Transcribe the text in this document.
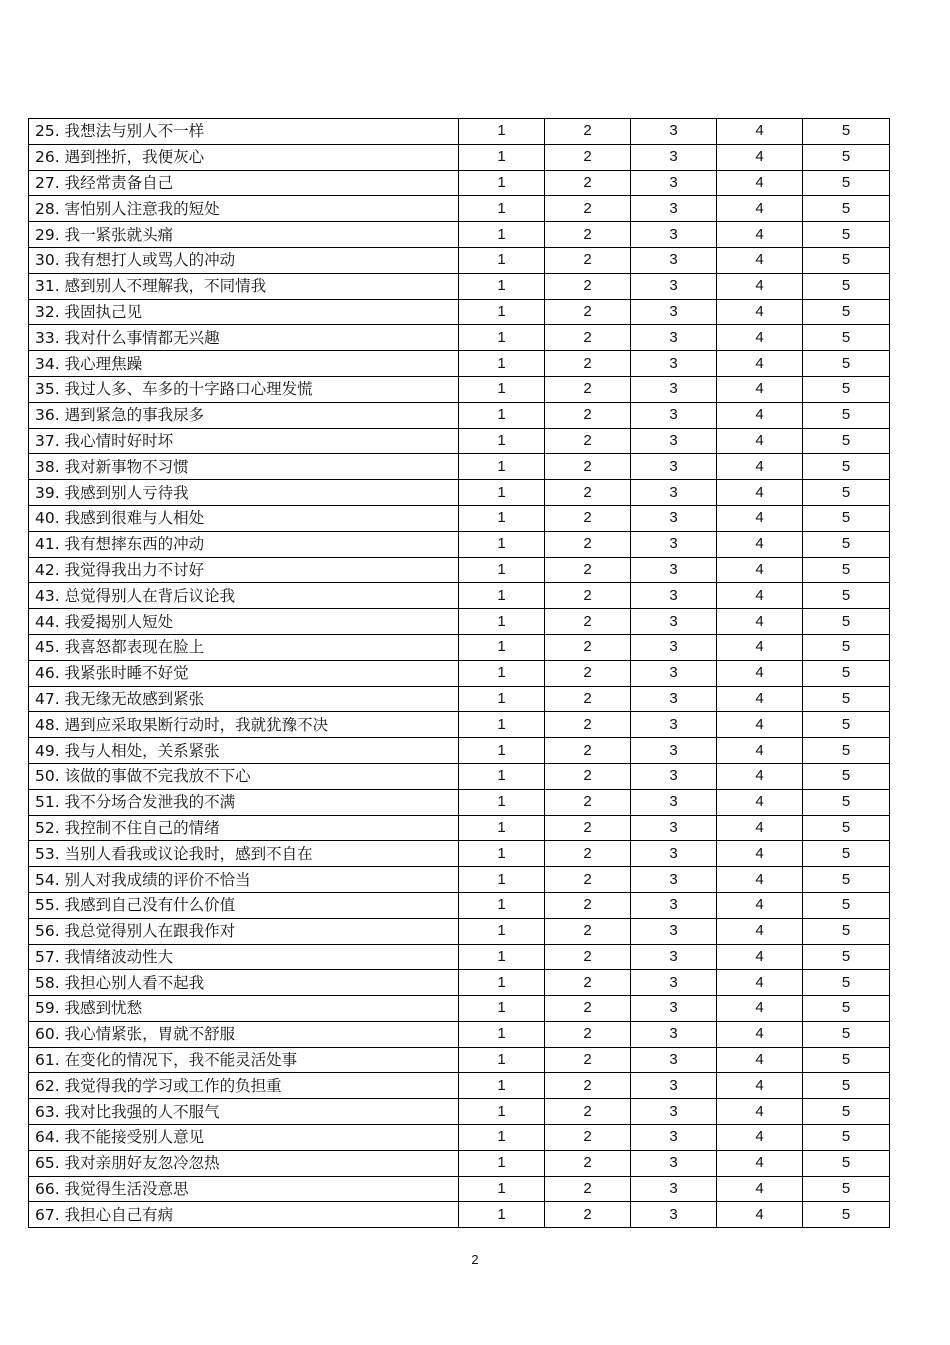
25. 我想法与别人不一样	1	2	3	4	5
26. 遇到挫折，我便灰心	1	2	3	4	5
27. 我经常责备自己	1	2	3	4	5
28. 害怕别人注意我的短处	1	2	3	4	5
29. 我一紧张就头痛	1	2	3	4	5
30. 我有想打人或骂人的冲动	1	2	3	4	5
31. 感到别人不理解我，不同情我	1	2	3	4	5
32. 我固执己见	1	2	3	4	5
33. 我对什么事情都无兴趣	1	2	3	4	5
34. 我心理焦躁	1	2	3	4	5
35. 我过人多、车多的十字路口心理发慌	1	2	3	4	5
36. 遇到紧急的事我尿多	1	2	3	4	5
37. 我心情时好时坏	1	2	3	4	5
38. 我对新事物不习惯	1	2	3	4	5
39. 我感到别人亏待我	1	2	3	4	5
40. 我感到很难与人相处	1	2	3	4	5
41. 我有想摔东西的冲动	1	2	3	4	5
42. 我觉得我出力不讨好	1	2	3	4	5
43. 总觉得别人在背后议论我	1	2	3	4	5
44. 我爱揭别人短处	1	2	3	4	5
45. 我喜怒都表现在脸上	1	2	3	4	5
46. 我紧张时睡不好觉	1	2	3	4	5
47. 我无缘无故感到紧张	1	2	3	4	5
48. 遇到应采取果断行动时，我就犹豫不决	1	2	3	4	5
49. 我与人相处，关系紧张	1	2	3	4	5
50. 该做的事做不完我放不下心	1	2	3	4	5
51. 我不分场合发泄我的不满	1	2	3	4	5
52. 我控制不住自己的情绪	1	2	3	4	5
53. 当别人看我或议论我时，感到不自在	1	2	3	4	5
54. 别人对我成绩的评价不恰当	1	2	3	4	5
55. 我感到自己没有什么价值	1	2	3	4	5
56. 我总觉得别人在跟我作对	1	2	3	4	5
57. 我情绪波动性大	1	2	3	4	5
58. 我担心别人看不起我	1	2	3	4	5
59. 我感到忧愁	1	2	3	4	5
60. 我心情紧张，胃就不舒服	1	2	3	4	5
61. 在变化的情况下，我不能灵活处事	1	2	3	4	5
62. 我觉得我的学习或工作的负担重	1	2	3	4	5
63. 我对比我强的人不服气	1	2	3	4	5
64. 我不能接受别人意见	1	2	3	4	5
65. 我对亲朋好友忽冷忽热	1	2	3	4	5
66. 我觉得生活没意思	1	2	3	4	5
67. 我担心自己有病	1	2	3	4	5
2
